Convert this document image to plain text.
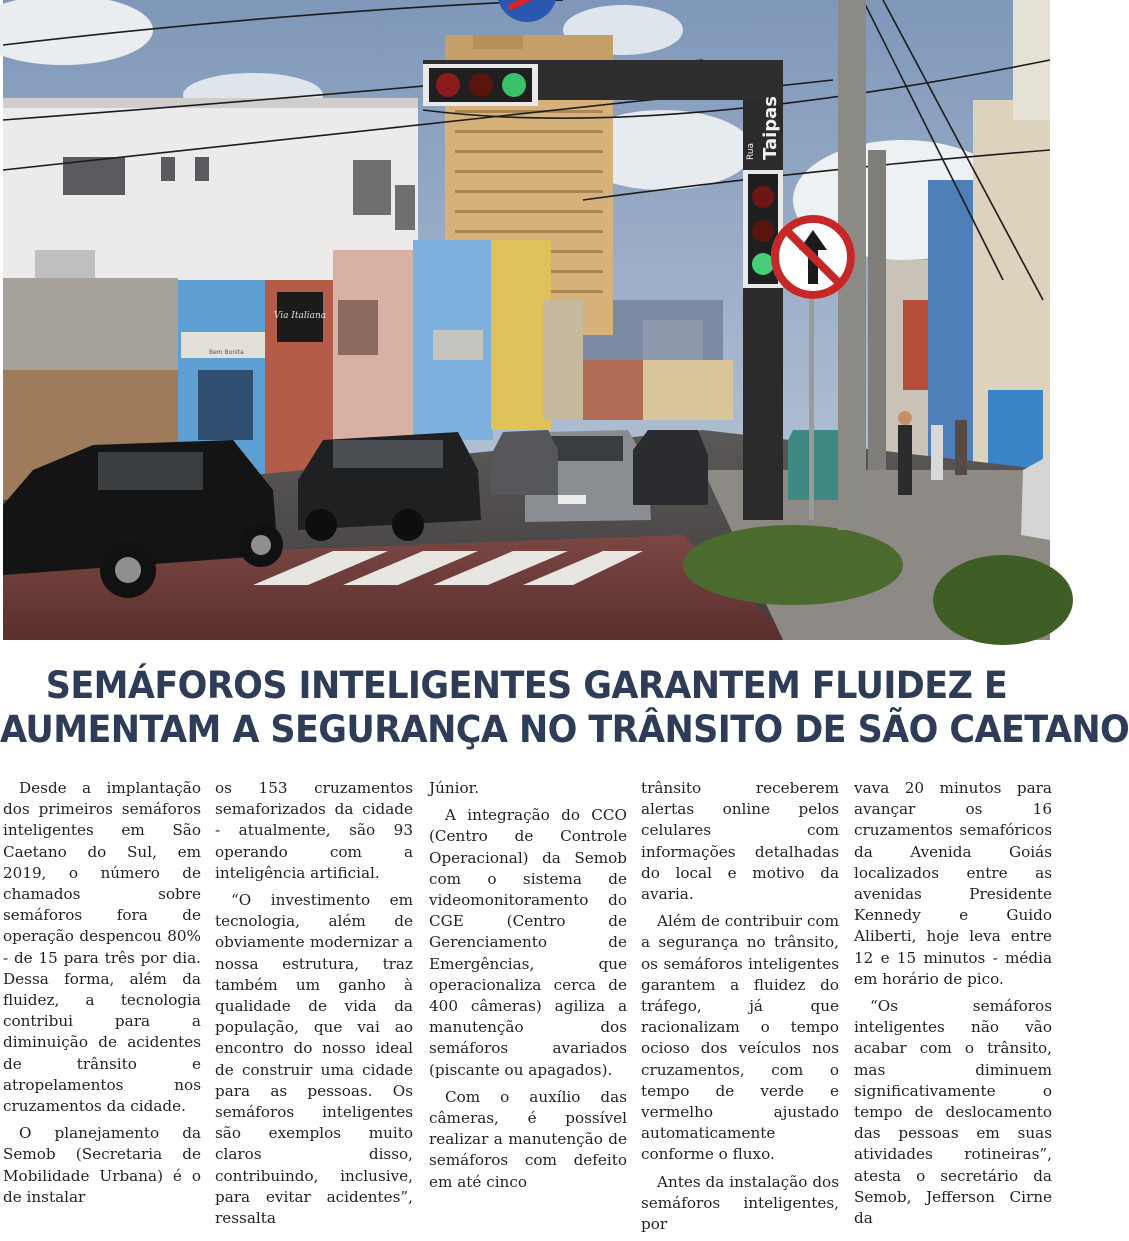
Via Italiana
Bem Bonita
Taipas
Rua
SEMÁFOROS INTELIGENTES GARANTEM FLUIDEZ E
AUMENTAM A SEGURANÇA NO TRÂNSITO DE SÃO CAETANO

Desde a implantação dos primeiros semáforos inteligentes em São Caetano do Sul, em 2019, o número de chamados sobre semáforos fora de operação despencou 80% - de 15 para três por dia. Dessa forma, além da fluidez, a tecnologia contribui para a diminuição de acidentes de trânsito e atropelamentos nos cruzamentos da cidade.

O planejamento da Semob (Secretaria de Mobilidade Urbana) é o de instalar

os 153 cruzamentos semaforizados da cidade - atualmente, são 93 operando com a inteligência artificial.

“O investimento em tecnologia, além de obviamente modernizar a nossa estrutura, traz também um ganho à qualidade de vida da população, que vai ao encontro do nosso ideal de construir uma cidade para as pessoas. Os semáforos inteligentes são exemplos muito claros disso, contribuindo, inclusive, para evitar acidentes”, ressalta

Júnior.

A integração do CCO (Centro de Controle Operacional) da Semob com o sistema de videomonitoramento do CGE (Centro de Gerenciamento de Emergências, que operacionaliza cerca de 400 câmeras) agiliza a manutenção dos semáforos avariados (piscante ou apagados).

Com o auxílio das câmeras, é possível realizar a manutenção de semáforos com defeito em até cinco

trânsito receberem alertas online pelos celulares com informações detalhadas do local e motivo da avaria.

Além de contribuir com a segurança no trânsito, os semáforos inteligentes garantem a fluidez do tráfego, já que racionalizam o tempo ocioso dos veículos nos cruzamentos, com o tempo de verde e vermelho ajustado automaticamente conforme o fluxo.

Antes da instalação dos semáforos inteligentes, por

vava 20 minutos para avançar os 16 cruzamentos semafóricos da Avenida Goiás localizados entre as avenidas Presidente Kennedy e Guido Aliberti, hoje leva entre 12 e 15 minutos - média em horário de pico.

“Os semáforos inteligentes não vão acabar com o trânsito, mas diminuem significativamente o tempo de deslocamento das pessoas em suas atividades rotineiras”, atesta o secretário da Semob, Jefferson Cirne da
